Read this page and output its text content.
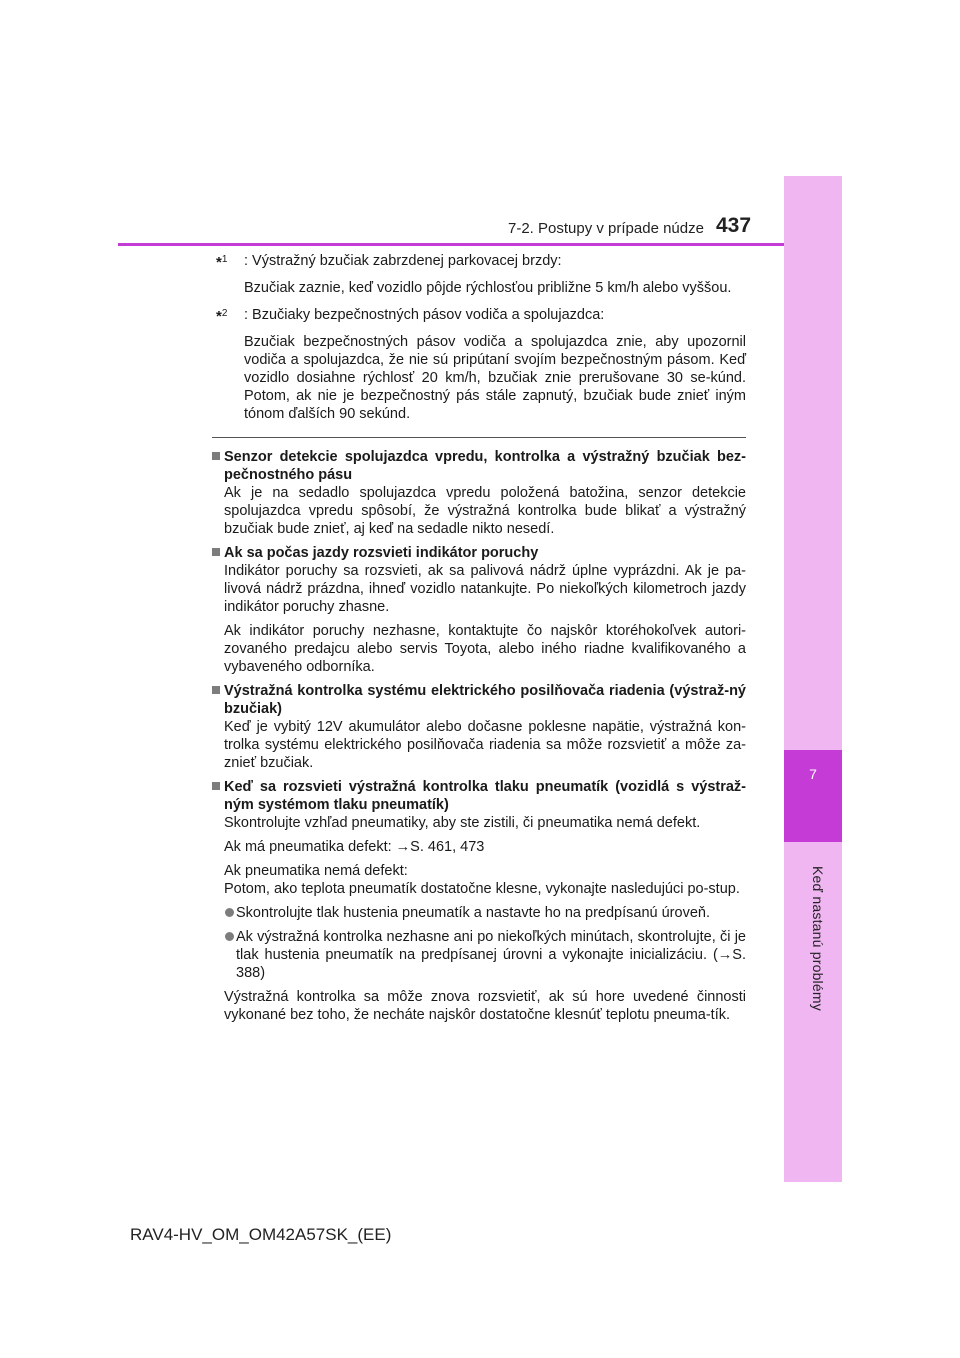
7
Keď nastanú problémy
7-2. Postupy v prípade núdze 437

*$^1$ : Výstražný bzučiak zabrzdenej parkovacej brzdy:

Bzučiak zaznie, keď vozidlo pôjde rýchlosťou približne 5 km/h alebo vyššou.

*$^2$ : Bzučiaky bezpečnostných pásov vodiča a spolujazdca:

Bzučiak bezpečnostných pásov vodiča a spolujazdca znie, aby upozornil vodiča a spolujazdca, že nie sú pripútaní svojím bezpečnostným pásom. Keď vozidlo dosiahne rýchlosť 20 km/h, bzučiak znie prerušovane 30 se-kúnd. Potom, ak nie je bezpečnostný pás stále zapnutý, bzučiak bude znieť iným tónom ďalších 90 sekúnd.

Senzor detekcie spolujazdca vpredu, kontrolka a výstražný bzučiak bez-pečnostného pásu

Ak je na sedadlo spolujazdca vpredu položená batožina, senzor detekcie spolujazdca vpredu spôsobí, že výstražná kontrolka bude blikať a výstražný bzučiak bude znieť, aj keď na sedadle nikto nesedí.

Ak sa počas jazdy rozsvieti indikátor poruchy

Indikátor poruchy sa rozsvieti, ak sa palivová nádrž úplne vyprázdni. Ak je pa-livová nádrž prázdna, ihneď vozidlo natankujte. Po niekoľkých kilometroch jazdy indikátor poruchy zhasne.

Ak indikátor poruchy nezhasne, kontaktujte čo najskôr ktoréhokoľvek autori-zovaného predajcu alebo servis Toyota, alebo iného riadne kvalifikovaného a vybaveného odborníka.

Výstražná kontrolka systému elektrického posilňovača riadenia (výstraž-ný bzučiak)

Keď je vybitý 12V akumulátor alebo dočasne poklesne napätie, výstražná kon-trolka systému elektrického posilňovača riadenia sa môže rozsvietiť a môže za-znieť bzučiak.

Keď sa rozsvieti výstražná kontrolka tlaku pneumatík (vozidlá s výstraž-ným systémom tlaku pneumatík)

Skontrolujte vzhľad pneumatiky, aby ste zistili, či pneumatika nemá defekt.

Ak má pneumatika defekt: →S. 461, 473

Ak pneumatika nemá defekt:

Potom, ako teplota pneumatík dostatočne klesne, vykonajte nasledujúci po-stup.

Skontrolujte tlak hustenia pneumatík a nastavte ho na predpísanú úroveň.

Ak výstražná kontrolka nezhasne ani po niekoľkých minútach, skontrolujte, či je tlak hustenia pneumatík na predpísanej úrovni a vykonajte inicializáciu. (→S. 388)

Výstražná kontrolka sa môže znova rozsvietiť, ak sú hore uvedené činnosti vykonané bez toho, že necháte najskôr dostatočne klesnúť teplotu pneuma-tík.

RAV4-HV_OM_OM42A57SK_(EE)
